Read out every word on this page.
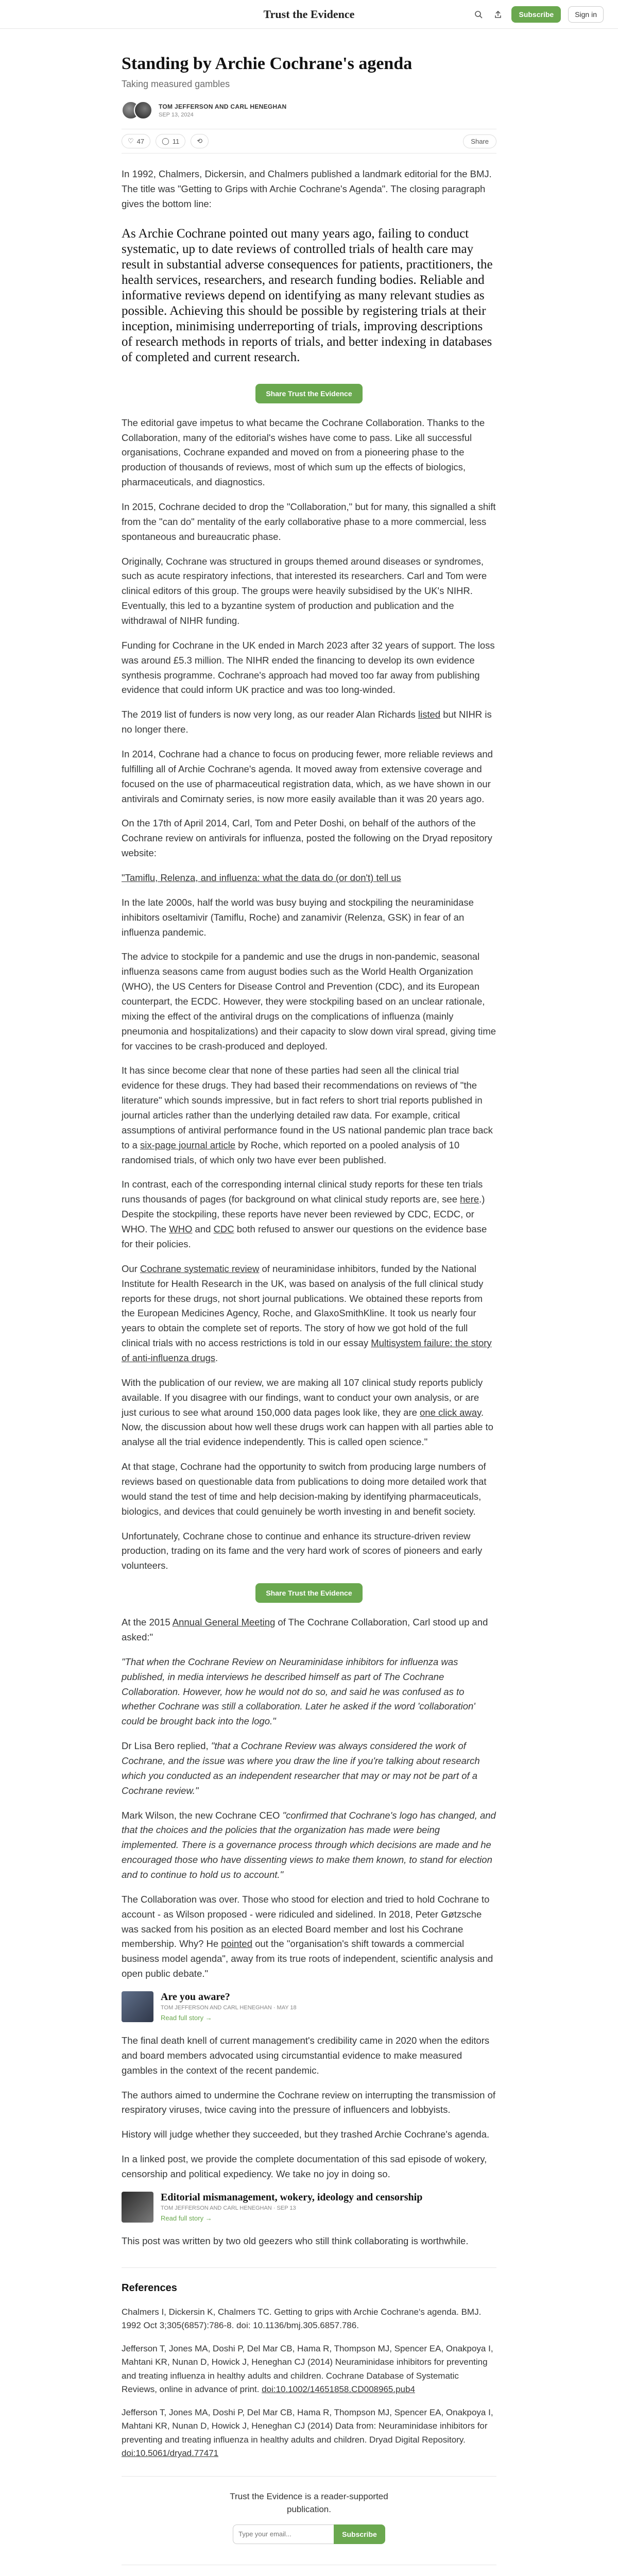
Trust the Evidence	Subscribe	Sign in
Standing by Archie Cochrane's agenda
Taking measured gambles
TOM JEFFERSON AND CARL HENEGHAN
SEP 13, 2024
♡ 47	◯ 11	⟲	Share

In 1992, Chalmers, Dickersin, and Chalmers published a landmark editorial for the BMJ. The title was "Getting to Grips with Archie Cochrane's Agenda". The closing paragraph gives the bottom line:

As Archie Cochrane pointed out many years ago, failing to conduct systematic, up to date reviews of controlled trials of health care may result in substantial adverse consequences for patients, practitioners, the health services, researchers, and research funding bodies. Reliable and informative reviews depend on identifying as many relevant studies as possible. Achieving this should be possible by registering trials at their inception, minimising underreporting of trials, improving descriptions of research methods in reports of trials, and better indexing in databases of completed and current research.
Share Trust the Evidence

The editorial gave impetus to what became the Cochrane Collaboration. Thanks to the Collaboration, many of the editorial's wishes have come to pass. Like all successful organisations, Cochrane expanded and moved on from a pioneering phase to the production of thousands of reviews, most of which sum up the effects of biologics, pharmaceuticals, and diagnostics.

In 2015, Cochrane decided to drop the "Collaboration," but for many, this signalled a shift from the "can do" mentality of the early collaborative phase to a more commercial, less spontaneous and bureaucratic phase.

Originally, Cochrane was structured in groups themed around diseases or syndromes, such as acute respiratory infections, that interested its researchers. Carl and Tom were clinical editors of this group. The groups were heavily subsidised by the UK's NIHR. Eventually, this led to a byzantine system of production and publication and the withdrawal of NIHR funding.

Funding for Cochrane in the UK ended in March 2023 after 32 years of support. The loss was around £5.3 million. The NIHR ended the financing to develop its own evidence synthesis programme. Cochrane's approach had moved too far away from publishing evidence that could inform UK practice and was too long-winded.

The 2019 list of funders is now very long, as our reader Alan Richards listed but NIHR is no longer there.

In 2014, Cochrane had a chance to focus on producing fewer, more reliable reviews and fulfilling all of Archie Cochrane's agenda. It moved away from extensive coverage and focused on the use of pharmaceutical registration data, which, as we have shown in our antivirals and Comirnaty series, is now more easily available than it was 20 years ago.

On the 17th of April 2014, Carl, Tom and Peter Doshi, on behalf of the authors of the Cochrane review on antivirals for influenza, posted the following on the Dryad repository website:

"Tamiflu, Relenza, and influenza: what the data do (or don't) tell us

In the late 2000s, half the world was busy buying and stockpiling the neuraminidase inhibitors oseltamivir (Tamiflu, Roche) and zanamivir (Relenza, GSK) in fear of an influenza pandemic.

The advice to stockpile for a pandemic and use the drugs in non-pandemic, seasonal influenza seasons came from august bodies such as the World Health Organization (WHO), the US Centers for Disease Control and Prevention (CDC), and its European counterpart, the ECDC. However, they were stockpiling based on an unclear rationale, mixing the effect of the antiviral drugs on the complications of influenza (mainly pneumonia and hospitalizations) and their capacity to slow down viral spread, giving time for vaccines to be crash-produced and deployed.

It has since become clear that none of these parties had seen all the clinical trial evidence for these drugs. They had based their recommendations on reviews of "the literature" which sounds impressive, but in fact refers to short trial reports published in journal articles rather than the underlying detailed raw data. For example, critical assumptions of antiviral performance found in the US national pandemic plan trace back to a six-page journal article by Roche, which reported on a pooled analysis of 10 randomised trials, of which only two have ever been published.

In contrast, each of the corresponding internal clinical study reports for these ten trials runs thousands of pages (for background on what clinical study reports are, see here.) Despite the stockpiling, these reports have never been reviewed by CDC, ECDC, or WHO. The WHO and CDC both refused to answer our questions on the evidence base for their policies.

Our Cochrane systematic review of neuraminidase inhibitors, funded by the National Institute for Health Research in the UK, was based on analysis of the full clinical study reports for these drugs, not short journal publications. We obtained these reports from the European Medicines Agency, Roche, and GlaxoSmithKline. It took us nearly four years to obtain the complete set of reports. The story of how we got hold of the full clinical trials with no access restrictions is told in our essay Multisystem failure: the story of anti-influenza drugs.

With the publication of our review, we are making all 107 clinical study reports publicly available. If you disagree with our findings, want to conduct your own analysis, or are just curious to see what around 150,000 data pages look like, they are one click away. Now, the discussion about how well these drugs work can happen with all parties able to analyse all the trial evidence independently. This is called open science."

At that stage, Cochrane had the opportunity to switch from producing large numbers of reviews based on questionable data from publications to doing more detailed work that would stand the test of time and help decision-making by identifying pharmaceuticals, biologics, and devices that could genuinely be worth investing in and benefit society.

Unfortunately, Cochrane chose to continue and enhance its structure-driven review production, trading on its fame and the very hard work of scores of pioneers and early volunteers.

Share Trust the Evidence

At the 2015 Annual General Meeting of The Cochrane Collaboration, Carl stood up and asked:"

"That when the Cochrane Review on Neuraminidase inhibitors for influenza was published, in media interviews he described himself as part of The Cochrane Collaboration. However, how he would not do so, and said he was confused as to whether Cochrane was still a collaboration. Later he asked if the word 'collaboration' could be brought back into the logo."

Dr Lisa Bero replied, "that a Cochrane Review was always considered the work of Cochrane, and the issue was where you draw the line if you're talking about research which you conducted as an independent researcher that may or may not be part of a Cochrane review."

Mark Wilson, the new Cochrane CEO "confirmed that Cochrane's logo has changed, and that the choices and the policies that the organization has made were being implemented. There is a governance process through which decisions are made and he encouraged those who have dissenting views to make them known, to stand for election and to continue to hold us to account."

The Collaboration was over. Those who stood for election and tried to hold Cochrane to account - as Wilson proposed - were ridiculed and sidelined. In 2018, Peter Gøtzsche was sacked from his position as an elected Board member and lost his Cochrane membership. Why? He pointed out the "organisation's shift towards a commercial business model agenda", away from its true roots of independent, scientific analysis and open public debate."

Are you aware?
TOM JEFFERSON AND CARL HENEGHAN · MAY 18
Read full story →

The final death knell of current management's credibility came in 2020 when the editors and board members advocated using circumstantial evidence to make measured gambles in the context of the recent pandemic.

The authors aimed to undermine the Cochrane review on interrupting the transmission of respiratory viruses, twice caving into the pressure of influencers and lobbyists.

History will judge whether they succeeded, but they trashed Archie Cochrane's agenda.

In a linked post, we provide the complete documentation of this sad episode of wokery, censorship and political expediency. We take no joy in doing so.

Editorial mismanagement, wokery, ideology and censorship
TOM JEFFERSON AND CARL HENEGHAN · SEP 13
Read full story →

This post was written by two old geezers who still think collaborating is worthwhile.

References

Chalmers I, Dickersin K, Chalmers TC. Getting to grips with Archie Cochrane's agenda. BMJ. 1992 Oct 3;305(6857):786-8. doi: 10.1136/bmj.305.6857.786.

Jefferson T, Jones MA, Doshi P, Del Mar CB, Hama R, Thompson MJ, Spencer EA, Onakpoya I, Mahtani KR, Nunan D, Howick J, Heneghan CJ (2014) Neuraminidase inhibitors for preventing and treating influenza in healthy adults and children. Cochrane Database of Systematic Reviews, online in advance of print. doi:10.1002/14651858.CD008965.pub4

Jefferson T, Jones MA, Doshi P, Del Mar CB, Hama R, Thompson MJ, Spencer EA, Onakpoya I, Mahtani KR, Nunan D, Howick J, Heneghan CJ (2014) Data from: Neuraminidase inhibitors for preventing and treating influenza in healthy adults and children. Dryad Digital Repository. doi:10.5061/dryad.77471

Trust the Evidence is a reader-supported publication.
Type your email...
Subscribe
